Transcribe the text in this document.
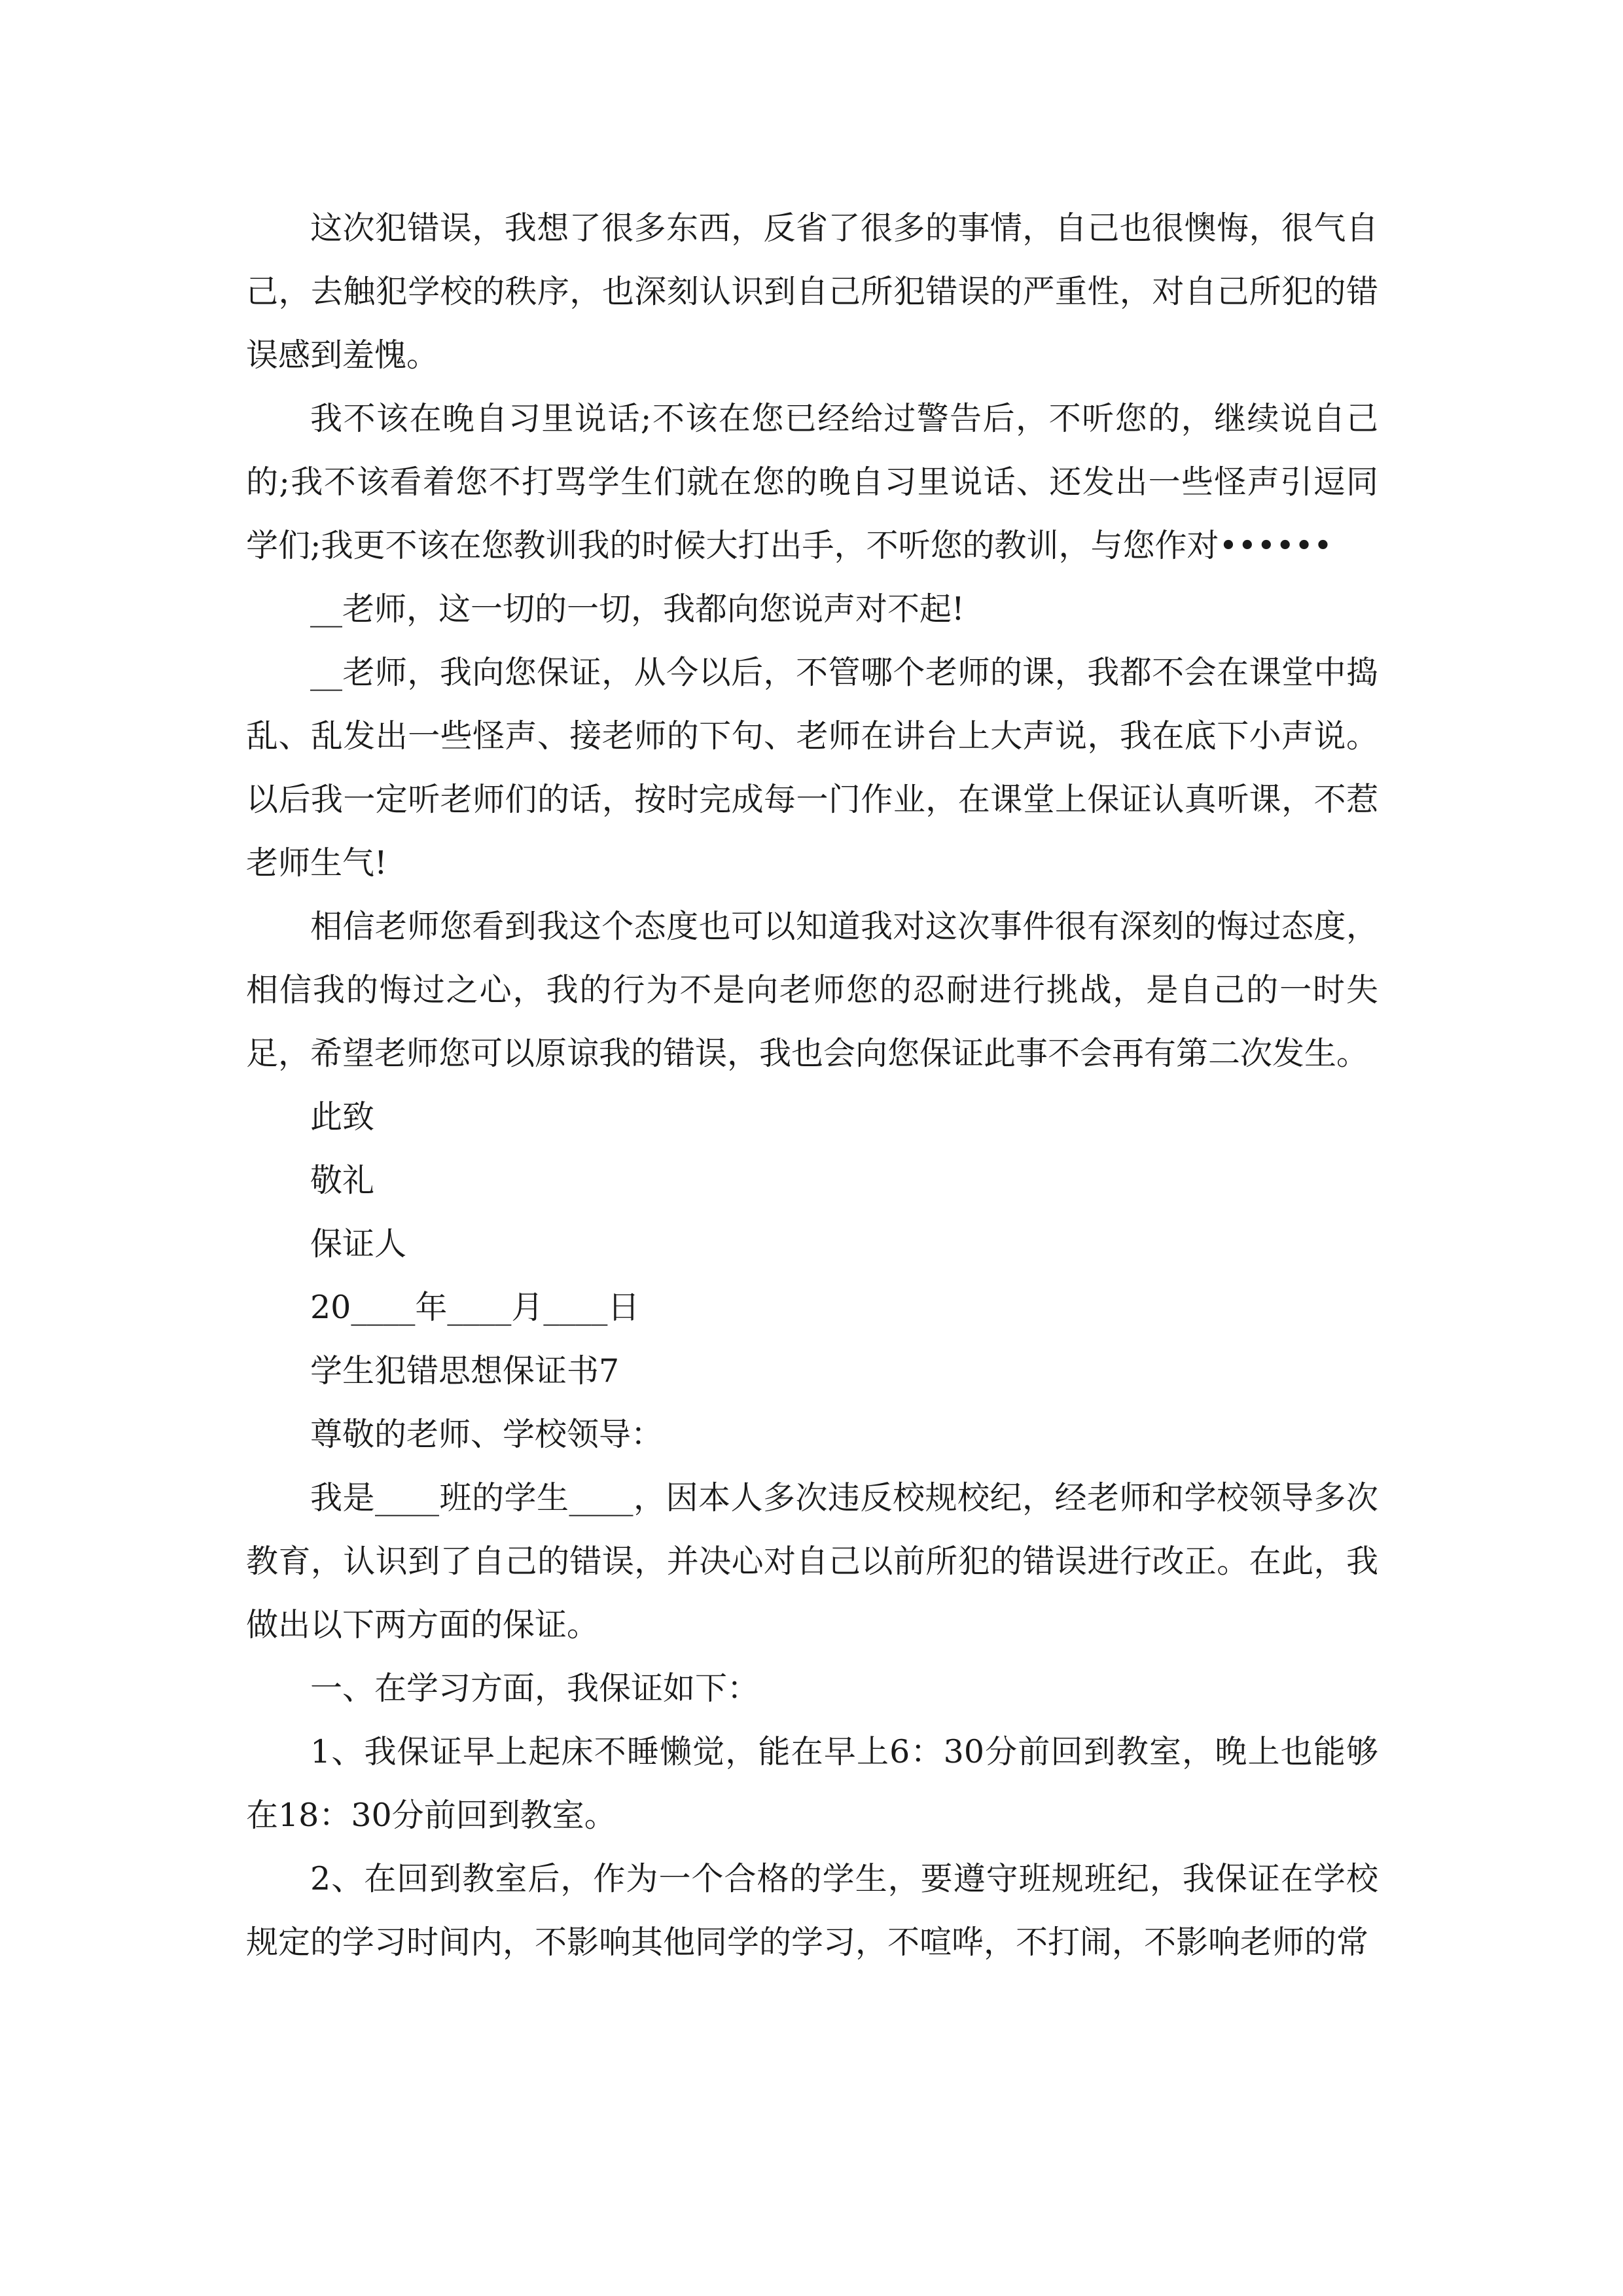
这次犯错误，我想了很多东西，反省了很多的事情，自己也很懊悔，很气自己，去触犯学校的秩序，也深刻认识到自己所犯错误的严重性，对自己所犯的错误感到羞愧。

我不该在晚自习里说话;不该在您已经给过警告后，不听您的，继续说自己的;我不该看着您不打骂学生们就在您的晚自习里说话、还发出一些怪声引逗同学们;我更不该在您教训我的时候大打出手，不听您的教训，与您作对••••••

__老师，这一切的一切，我都向您说声对不起!

__老师，我向您保证，从今以后，不管哪个老师的课，我都不会在课堂中捣乱、乱发出一些怪声、接老师的下句、老师在讲台上大声说，我在底下小声说。以后我一定听老师们的话，按时完成每一门作业，在课堂上保证认真听课，不惹老师生气!

相信老师您看到我这个态度也可以知道我对这次事件很有深刻的悔过态度，相信我的悔过之心，我的行为不是向老师您的忍耐进行挑战，是自己的一时失足，希望老师您可以原谅我的错误，我也会向您保证此事不会再有第二次发生。

此致

敬礼

保证人

20____年____月____日

学生犯错思想保证书7

尊敬的老师、学校领导：

我是____班的学生____，因本人多次违反校规校纪，经老师和学校领导多次教育，认识到了自己的错误，并决心对自己以前所犯的错误进行改正。在此，我做出以下两方面的保证。

一、在学习方面，我保证如下：

1、我保证早上起床不睡懒觉，能在早上6：30分前回到教室，晚上也能够在18：30分前回到教室。

2、在回到教室后，作为一个合格的学生，要遵守班规班纪，我保证在学校规定的学习时间内，不影响其他同学的学习，不喧哗，不打闹，不影响老师的常
